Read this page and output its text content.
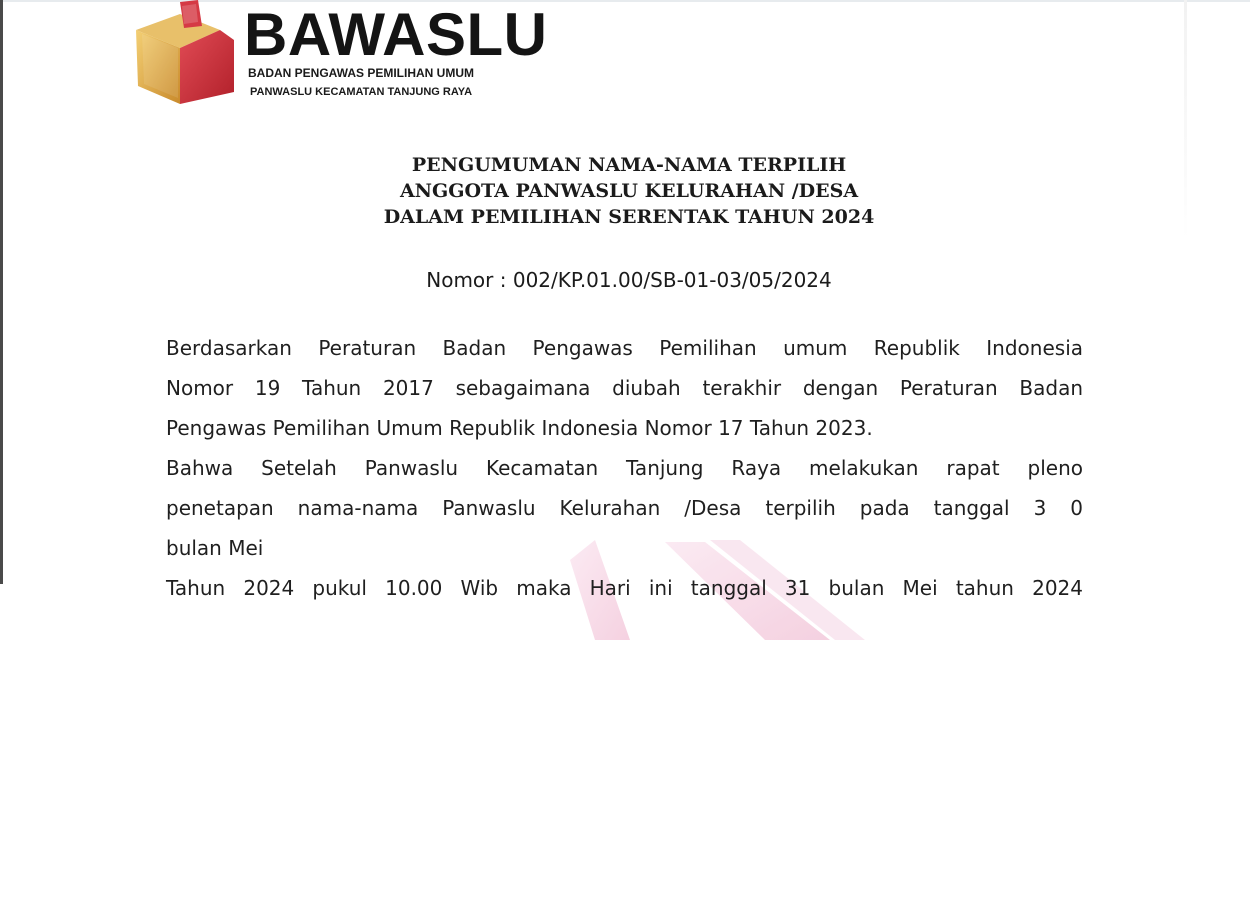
BAWASLU
BADAN PENGAWAS PEMILIHAN UMUM
PANWASLU KECAMATAN TANJUNG RAYA
PENGUMUMAN NAMA-NAMA TERPILIH
ANGGOTA PANWASLU KELURAHAN /DESA
DALAM PEMILIHAN SERENTAK TAHUN 2024
Nomor : 002/KP.01.00/SB-01-03/05/2024

Berdasarkan Peraturan Badan Pengawas Pemilihan umum Republik Indonesia
Nomor 19 Tahun 2017 sebagaimana diubah terakhir dengan Peraturan Badan
Pengawas Pemilihan Umum Republik Indonesia Nomor 17 Tahun 2023.

Bahwa Setelah Panwaslu Kecamatan Tanjung Raya melakukan rapat pleno
penetapan nama-nama Panwaslu Kelurahan /Desa terpilih pada tanggal 3 0
bulan Mei
Tahun 2024 pukul 10.00 Wib maka Hari ini tanggal 31 bulan Mei tahun 2024
